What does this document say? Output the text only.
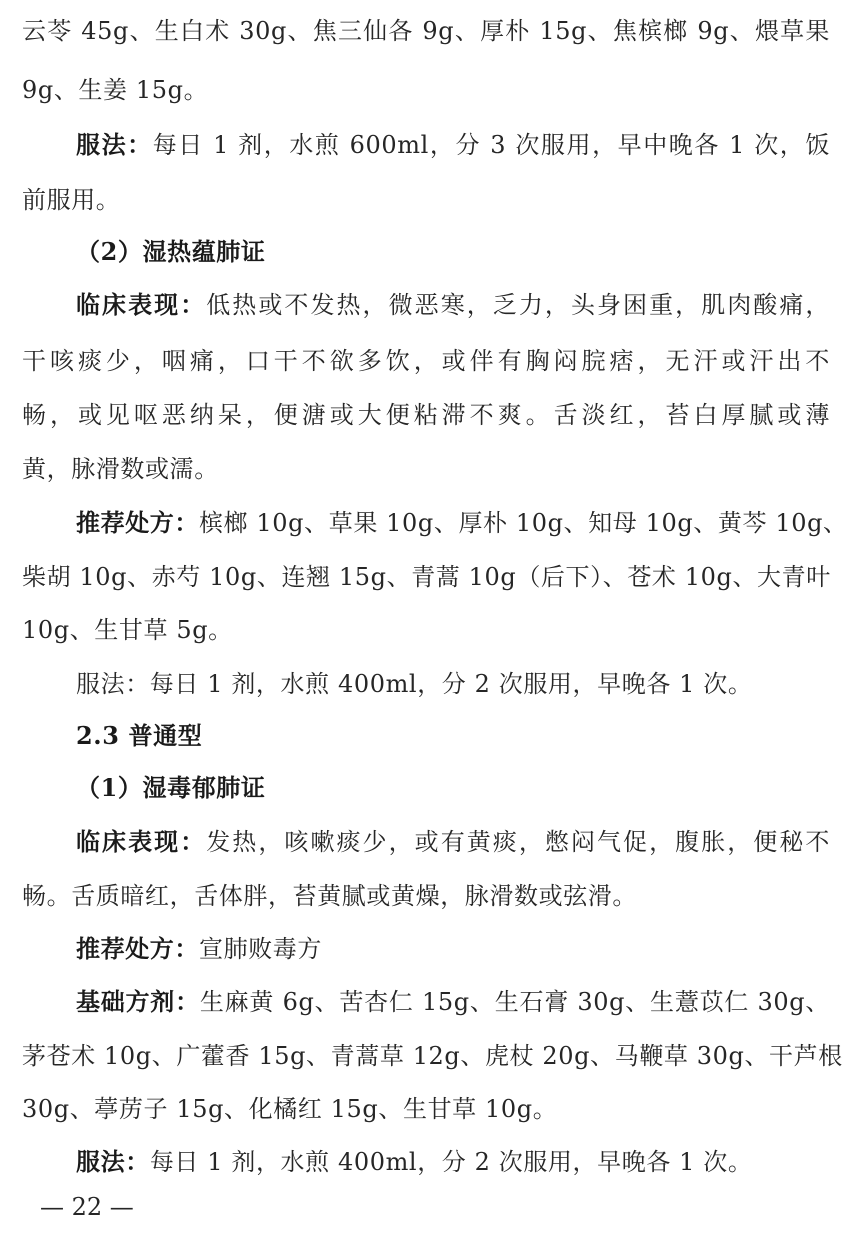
云苓 45g、生白术 30g、焦三仙各 9g、厚朴 15g、焦槟榔 9g、煨草果
9g、生姜 15g。
服法：每日 1 剂，水煎 600ml，分 3 次服用，早中晚各 1 次，饭
前服用。
（2）湿热蕴肺证
临床表现：低热或不发热，微恶寒，乏力，头身困重，肌肉酸痛，
干咳痰少，咽痛，口干不欲多饮，或伴有胸闷脘痞，无汗或汗出不
畅，或见呕恶纳呆，便溏或大便粘滞不爽。舌淡红，苔白厚腻或薄
黄，脉滑数或濡。
推荐处方：槟榔 10g、草果 10g、厚朴 10g、知母 10g、黄芩 10g、
柴胡 10g、赤芍 10g、连翘 15g、青蒿 10g（后下）、苍术 10g、大青叶
10g、生甘草 5g。
服法：每日 1 剂，水煎 400ml，分 2 次服用，早晚各 1 次。
2.3 普通型
（1）湿毒郁肺证
临床表现：发热，咳嗽痰少，或有黄痰，憋闷气促，腹胀，便秘不
畅。舌质暗红，舌体胖，苔黄腻或黄燥，脉滑数或弦滑。
推荐处方：宣肺败毒方
基础方剂：生麻黄 6g、苦杏仁 15g、生石膏 30g、生薏苡仁 30g、
茅苍术 10g、广藿香 15g、青蒿草 12g、虎杖 20g、马鞭草 30g、干芦根
30g、葶苈子 15g、化橘红 15g、生甘草 10g。
服法：每日 1 剂，水煎 400ml，分 2 次服用，早晚各 1 次。
— 22 —
